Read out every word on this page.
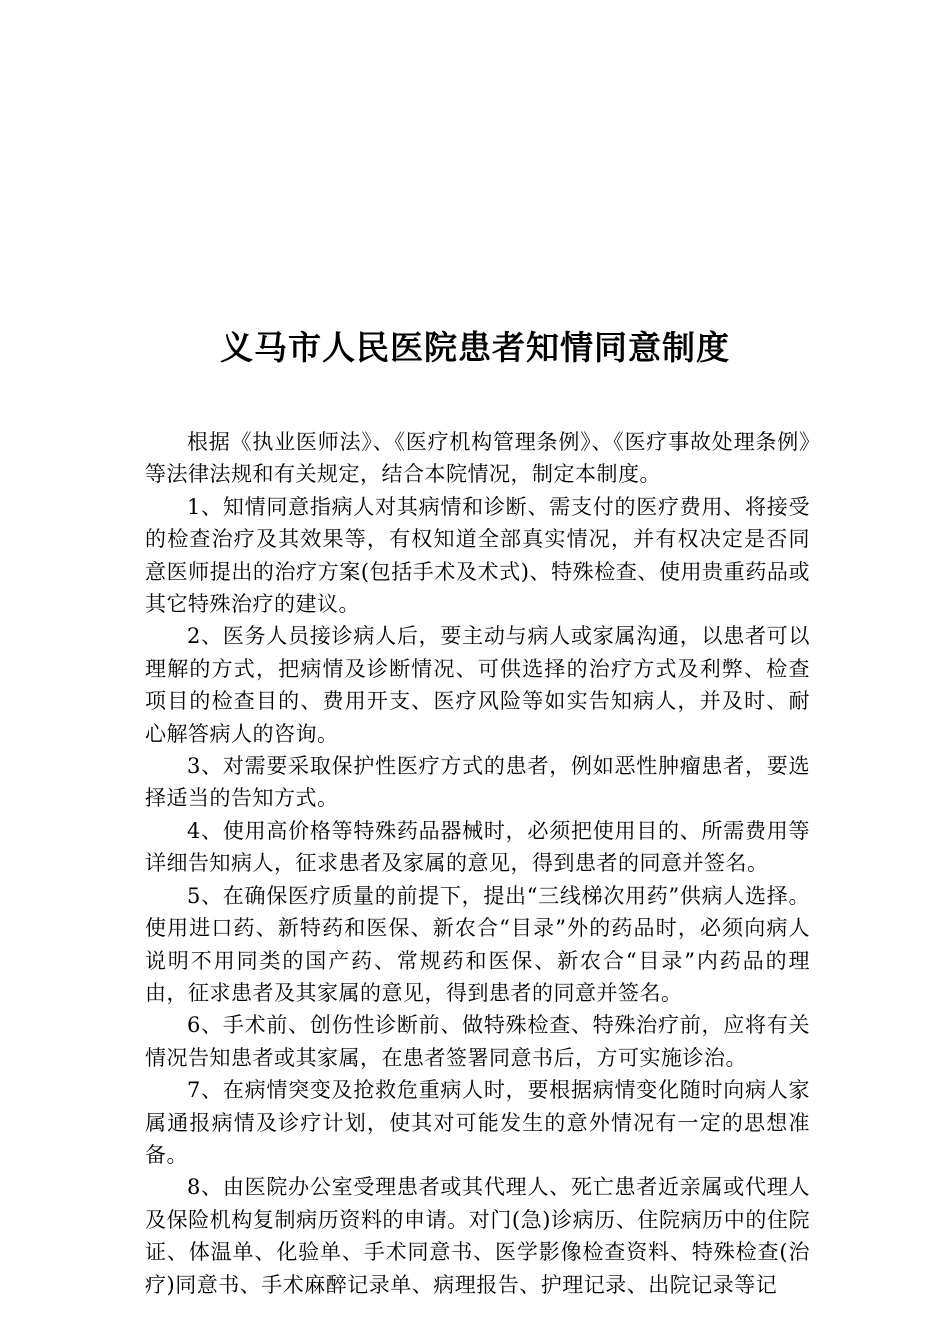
义马市人民医院患者知情同意制度

根据《执业医师法》、《医疗机构管理条例》、《医疗事故处理条例》等法律法规和有关规定，结合本院情况，制定本制度。

1、知情同意指病人对其病情和诊断、需支付的医疗费用、将接受的检查治疗及其效果等，有权知道全部真实情况，并有权决定是否同意医师提出的治疗方案(包括手术及术式)、特殊检查、使用贵重药品或其它特殊治疗的建议。

2、医务人员接诊病人后，要主动与病人或家属沟通，以患者可以理解的方式，把病情及诊断情况、可供选择的治疗方式及利弊、检查项目的检查目的、费用开支、医疗风险等如实告知病人，并及时、耐心解答病人的咨询。

3、对需要采取保护性医疗方式的患者，例如恶性肿瘤患者，要选择适当的告知方式。

4、使用高价格等特殊药品器械时，必须把使用目的、所需费用等详细告知病人，征求患者及家属的意见，得到患者的同意并签名。

5、在确保医疗质量的前提下，提出“三线梯次用药”供病人选择。使用进口药、新特药和医保、新农合“目录”外的药品时，必须向病人说明不用同类的国产药、常规药和医保、新农合“目录”内药品的理由，征求患者及其家属的意见，得到患者的同意并签名。

6、手术前、创伤性诊断前、做特殊检查、特殊治疗前，应将有关情况告知患者或其家属，在患者签署同意书后，方可实施诊治。

7、在病情突变及抢救危重病人时，要根据病情变化随时向病人家属通报病情及诊疗计划，使其对可能发生的意外情况有一定的思想准备。

8、由医院办公室受理患者或其代理人、死亡患者近亲属或代理人及保险机构复制病历资料的申请。对门(急)诊病历、住院病历中的住院证、体温单、化验单、手术同意书、医学影像检查资料、特殊检查(治疗)同意书、手术麻醉记录单、病理报告、护理记录、出院记录等记
